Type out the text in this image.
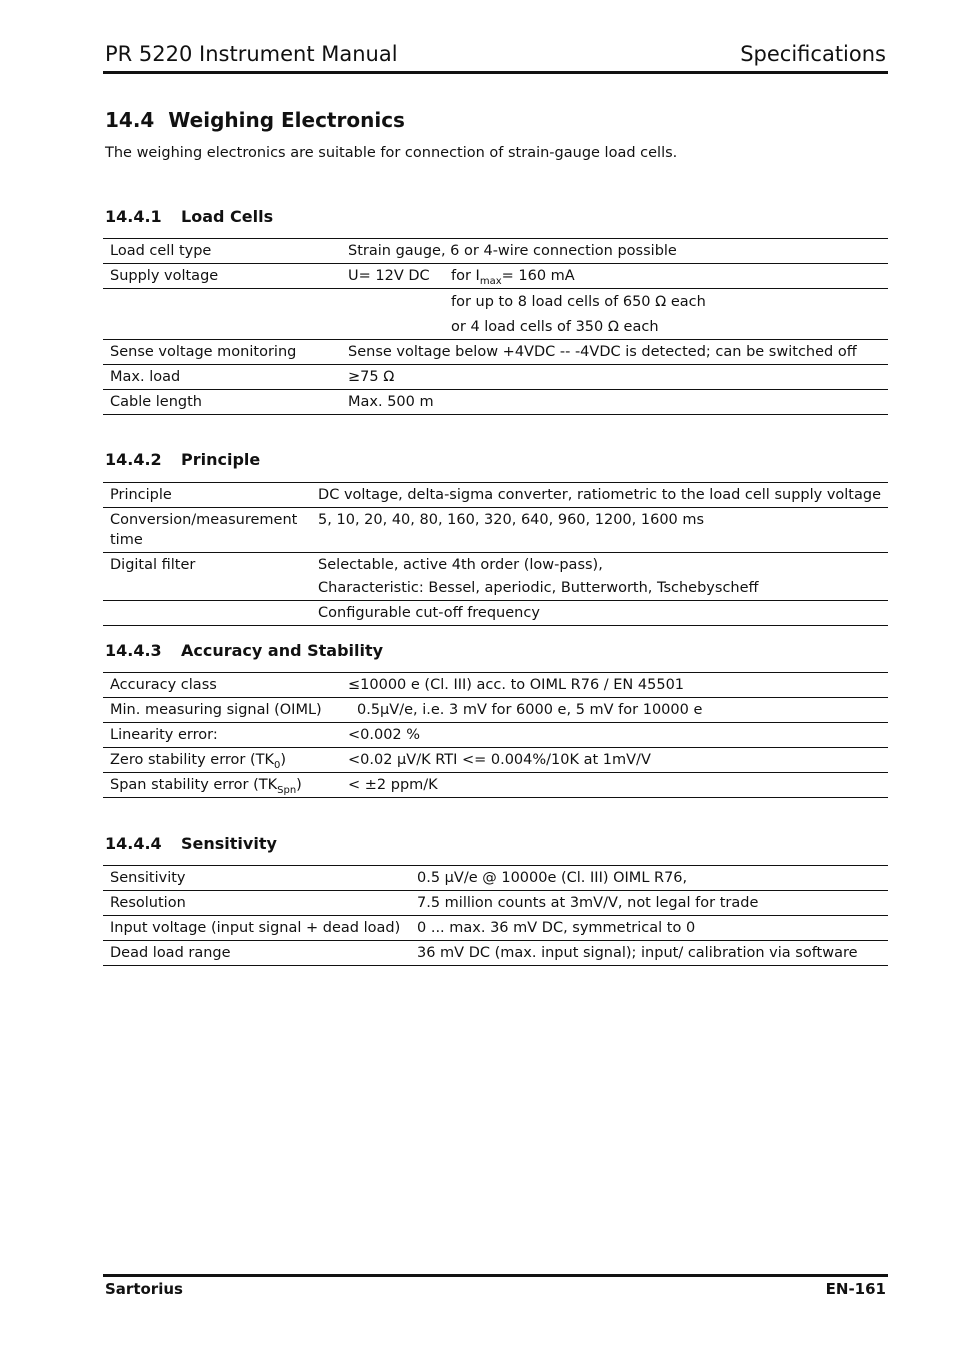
PR 5220 Instrument Manual	Specifications
14.4 Weighing Electronics
The weighing electronics are suitable for connection of strain-gauge load cells.
14.4.1 Load Cells
Load cell type	Strain gauge, 6 or 4-wire connection possible
Supply voltage	U= 12V DC for $I_{max}= 160$ mA

	for up to 8 load cells of 650 Ω each
or 4 load cells of 350 Ω each

Sense voltage monitoring	Sense voltage below +4VDC -- -4VDC is detected; can be switched off
Max. load	≥75 Ω
Cable length	Max. 500 m
14.4.2 Principle
Principle	DC voltage, delta-sigma converter, ratiometric to the load cell supply voltage
Conversion/measurement time	5, 10, 20, 40, 80, 160, 320, 640, 960, 1200, 1600 ms
Digital filter	Selectable, active 4th order (low-pass),
Characteristic: Bessel, aperiodic, Butterworth, Tschebyscheff

	Configurable cut-off frequency
14.4.3 Accuracy and Stability
Accuracy class	≤10000 e (Cl. III) acc. to OIML R76 / EN 45501
Min. measuring signal (OIML)	0.5μV/e, i.e. 3 mV for 6000 e, 5 mV for 10000 e
Linearity error:	<0.002 %
Zero stability error $(TK_0)$	<0.02 μV/K RTI <= 0.004%/10K at 1mV/V
Span stability error $(TK_{Spn})$	< ±2 ppm/K
14.4.4 Sensitivity
Sensitivity	0.5 μV/e @ 10000e (Cl. III) OIML R76,
Resolution	7.5 million counts at 3mV/V, not legal for trade
Input voltage (input signal + dead load)	0 ... max. 36 mV DC, symmetrical to 0
Dead load range	36 mV DC (max. input signal); input/ calibration via software
Sartorius	EN-161
